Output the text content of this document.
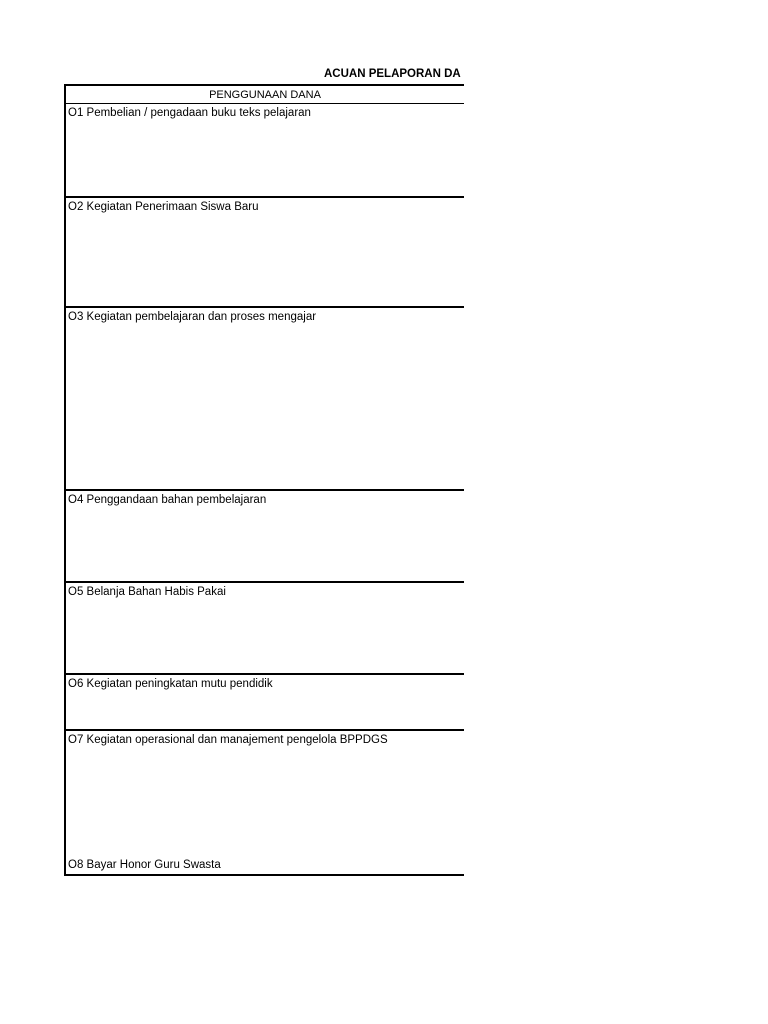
ACUAN PELAPORAN DA
PENGGUNAAN DANA
O1 Pembelian / pengadaan buku teks pelajaran
O2 Kegiatan Penerimaan Siswa Baru
O3 Kegiatan pembelajaran dan proses mengajar
O4 Penggandaan bahan pembelajaran
O5 Belanja Bahan Habis Pakai
O6 Kegiatan peningkatan mutu pendidik
O7 Kegiatan operasional dan manajement pengelola BPPDGS
O8 Bayar Honor Guru Swasta
